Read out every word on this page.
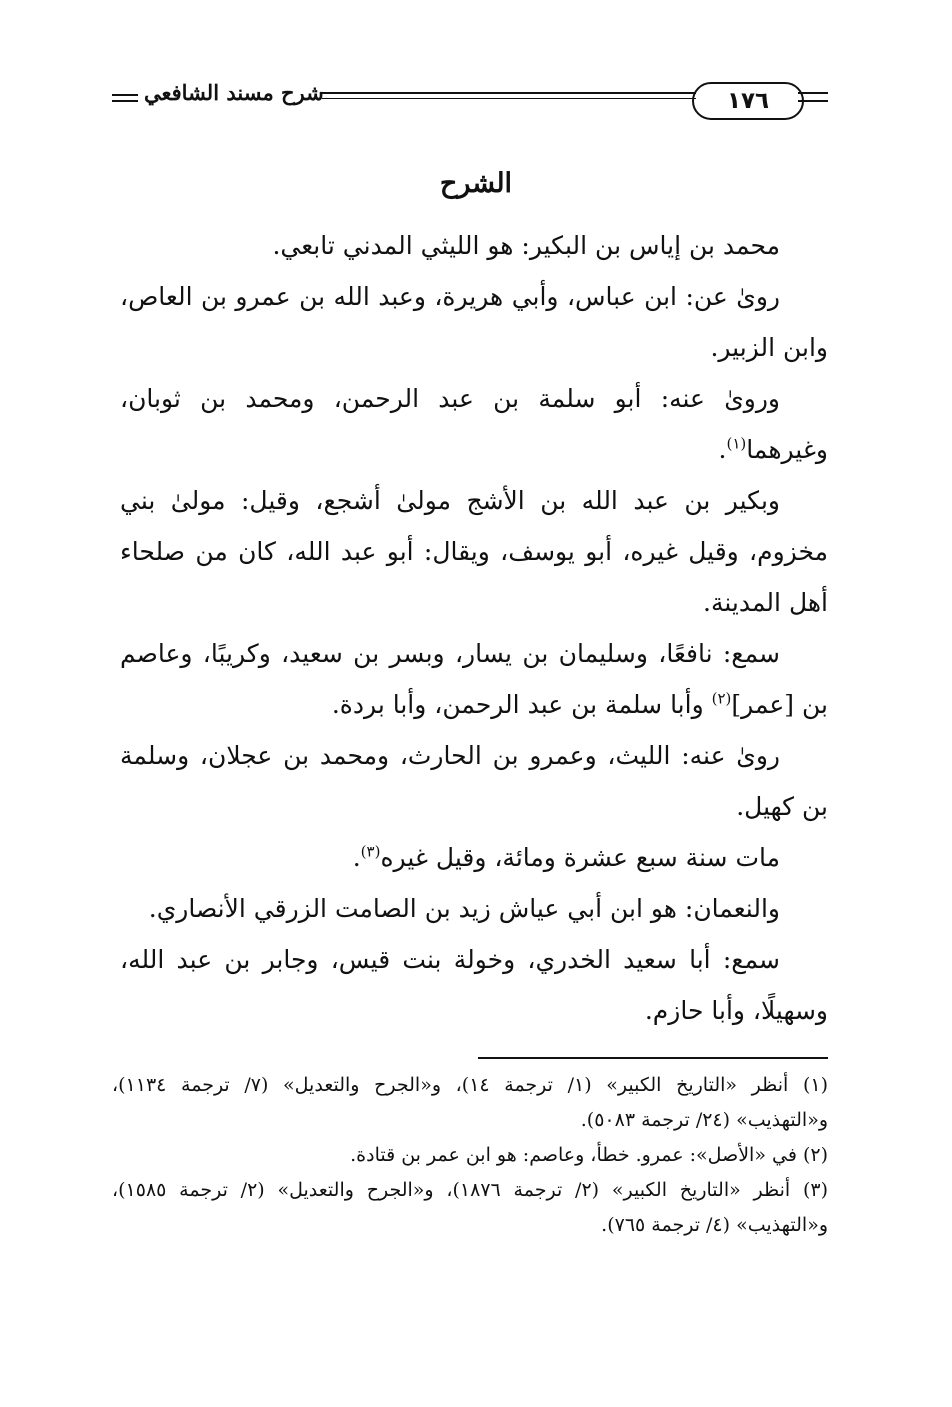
شرح مسند الشافعي	١٧٦
الشرح

محمد بن إياس بن البكير: هو الليثي المدني تابعي.

روىٰ عن: ابن عباس، وأبي هريرة، وعبد الله بن عمرو بن العاص، وابن الزبير.

وروىٰ عنه: أبو سلمة بن عبد الرحمن، ومحمد بن ثوبان، وغيرهما$^{(١)}$.

وبكير بن عبد الله بن الأشج مولىٰ أشجع، وقيل: مولىٰ بني مخزوم، وقيل غيره، أبو يوسف، ويقال: أبو عبد الله، كان من صلحاء أهل المدينة.

سمع: نافعًا، وسليمان بن يسار، وبسر بن سعيد، وكريبًا، وعاصم بن [عمر]$^{(٢)}$ وأبا سلمة بن عبد الرحمن، وأبا بردة.

روىٰ عنه: الليث، وعمرو بن الحارث، ومحمد بن عجلان، وسلمة بن كهيل.

مات سنة سبع عشرة ومائة، وقيل غيره$^{(٣)}$.

والنعمان: هو ابن أبي عياش زيد بن الصامت الزرقي الأنصاري.

سمع: أبا سعيد الخدري، وخولة بنت قيس، وجابر بن عبد الله، وسهيلًا، وأبا حازم.

(١) أنظر «التاريخ الكبير» (١/ ترجمة ١٤)، و«الجرح والتعديل» (٧/ ترجمة ١١٣٤)، و«التهذيب» (٢٤/ ترجمة ٥٠٨٣).

(٢) في «الأصل»: عمرو. خطأ، وعاصم: هو ابن عمر بن قتادة.

(٣) أنظر «التاريخ الكبير» (٢/ ترجمة ١٨٧٦)، و«الجرح والتعديل» (٢/ ترجمة ١٥٨٥)، و«التهذيب» (٤/ ترجمة ٧٦٥).
